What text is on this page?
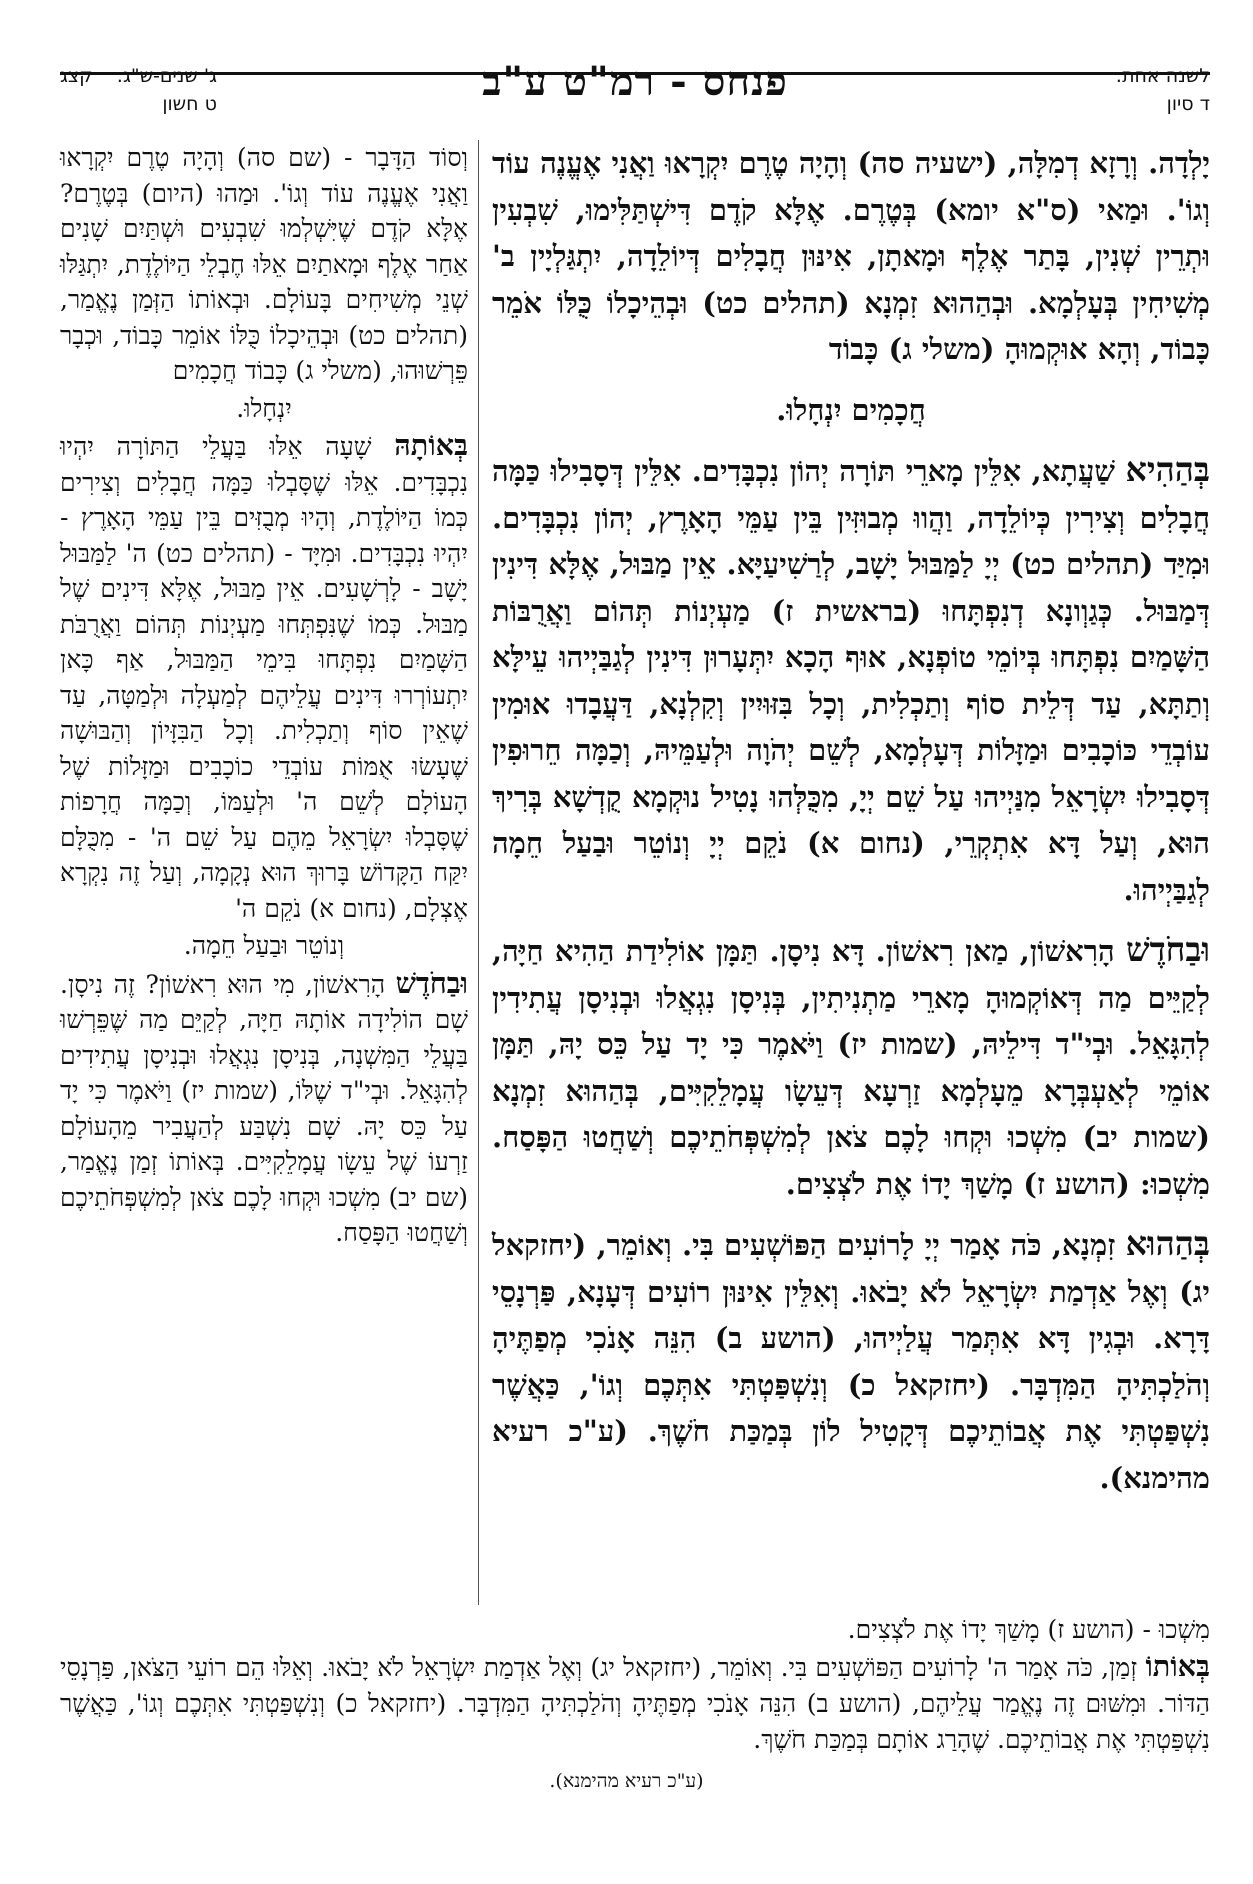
לשנה אחת:
ד סיון
פנחס - רמ"ט ע"ב
ג' שנים-ש"ג:
קצג
ט חשון

יָלְדָה. וְרָזָא דְמִלָּה, (ישעיה סה) וְהָיָה טֶרֶם יִקְרָאוּ וַאֲנִי אֶעֱנֶה עוֹד וְגוֹ'. וּמַאי (ס"א יומא) בְּטֶרֶם. אֶלָּא קֹדֶם דִּישְׁתַּלִּימוּ, שִׁבְעִין וּתְרֵין שְׁנִין, בָּתַר אֶלֶף וּמָאתָן, אִינּוּן חֲבָלִים דְּיוֹלֵדָה, יִתְגַּלְיָין ב' מְשִׁיחִין בְּעָלְמָא. וּבְהַהוּא זִמְנָא (תהלים כט) וּבְהֵיכָלוֹ כֻּלּוֹ אֹמֵר כָּבוֹד, וְהָא אוּקְמוּהָ (משלי ג) כָּבוֹד

חֲכָמִים יִנְחָלוּ.

בְּהַהִיא שַׁעֲתָא, אִלֵּין מָארֵי תּוֹרָה יְהוֹן נִכְבָּדִים. אִלֵּין דְּסָבִילוּ כַּמָּה חֲבָלִים וְצִירִין כְּיוֹלֵדָה, וַהֲווּ מְבוּזִּין בֵּין עַמֵּי הָאָרֶץ, יְהוֹן נִכְבָּדִים. וּמִיַּד (תהלים כט) יְיָ לַמַּבּוּל יָשָׁב, לְרַשִׁיעַיָּא. אֵין מַבּוּל, אֶלָּא דִּינִין דְּמַבּוּל. כְּגַוְונָא דְנִפְתָּחוּ (בראשית ז) מַעְיְנוֹת תְּהוֹם וַאֲרֻבּוֹת הַשָּׁמַיִם נִפְתָּחוּ בְּיוֹמֵי טוֹפְנָא, אוּף הָכָא יִתְּעָרוּן דִּינִין לְגַבַּיְיהוּ עֵילָּא וְתַתָּא, עַד דְּלֵית סוֹף וְתַכְלִית, וְכָל בִּזּוּיִין וְקִלְנָא, דַּעֲבָדוּ אוּמִין עוֹבְדֵי כּוֹכָבִים וּמַזָּלוֹת דְּעָלְמָא, לְשֵׁם יְהֹוָה וּלְעַמֵּיהּ, וְכַמָּה חֵרוּפִין דְּסָבִילוּ יִשְׂרָאֵל מִנַּיְיהוּ עַל שֵׁם יְיָ, מִכֻּלְּהוּ נָטִיל נוּקְמָא קֻדְשָׁא בְּרִיךְ הוּא, וְעַל דָּא אִתְקְרֵי, (נחום א) נֹקֵם יְיָ וְנוֹטֵר וּבַעַל חֵמָה לְגַבַּיְיהוּ.

וּבַחֹדֶשׁ הָרִאשׁוֹן, מַאן רִאשׁוֹן. דָּא נִיסָן. תַּמָּן אוֹלִידַת הַהִיא חַיָּה, לְקַיֵּים מַה דְּאוֹקְמוּהָ מָארֵי מַתְנִיתִין, בְּנִיסָן נִגְאֲלוּ וּבְנִיסָן עֲתִידִין לְהִגָּאֵל. וּבְי"ד דִּילֵיהּ, (שמות יז) וַיֹּאמֶר כִּי יָד עַל כֵּס יָהּ, תַּמָּן אוֹמֵי לְאַעְבְּרָא מֵעָלְמָא זַרְעָא דְּעֵשָׂו עֲמָלֵקִיִּים, בְּהַהוּא זִמְנָא (שמות יב) מִשְׁכוּ וּקְחוּ לָכֶם צֹאן לְמִשְׁפְּחֹתֵיכֶם וְשַׁחֲטוּ הַפָּסַח. מִשְׁכוּ: (הושע ז) מָשַׁךְ יָדוֹ אֶת לֹצְצִים.

בְּהַהוּא זִמְנָא, כֹּה אָמַר יְיָ לָרוֹעִים הַפּוֹשְׁעִים בִּי. וְאוֹמֵר, (יחזקאל יג) וְאֶל אַדְמַת יִשְׂרָאֵל לֹא יָבֹאוּ. וְאִלֵּין אִינּוּן רוֹעִים דְּעָנָא, פַּרְנָסֵי דָּרָא. וּבְגִין דָּא אִתְּמַר עֲלַיְיהוּ, (הושע ב) הִנֵּה אָנֹכִי מְפַתֶּיהָ וְהֹלַכְתִּיהָ הַמִּדְבָּר. (יחזקאל כ) וְנִשְׁפַּטְתִּי אִתְּכֶם וְגוֹ', כַּאֲשֶׁר נִשְׁפַּטְתִּי אֶת אֲבוֹתֵיכֶם דְּקָטִיל לוֹן בְּמַכַּת חֹשֶׁךְ. (ע"כ רעיא מהימנא).

וְסוֹד הַדָּבָר - (שם סה) וְהָיָה טֶרֶם יִקְרָאוּ וַאֲנִי אֶעֱנֶה עוֹד וְגוֹ'. וּמַהוּ (היום) בְּטֶרֶם? אֶלָּא קֹדֶם שֶׁיִּשְׁלְמוּ שִׁבְעִים וּשְׁתַּיִם שָׁנִים אַחַר אֶלֶף וּמָאתַיִם אֵלּוּ חֶבְלֵי הַיּוֹלֶדֶת, יִתְגַּלּוּ שְׁנֵי מְשִׁיחִים בָּעוֹלָם. וּבְאוֹתוֹ הַזְּמַן נֶאֱמַר, (תהלים כט) וּבְהֵיכָלוֹ כֻּלּוֹ אוֹמֵר כָּבוֹד, וּכְבָר פֵּרְשׁוּהוּ, (משלי ג) כָּבוֹד חֲכָמִים

יִנְחָלוּ.

בְּאוֹתָהּ שָׁעָה אֵלּוּ בַּעֲלֵי הַתּוֹרָה יִהְיוּ נִכְבָּדִים. אֵלּוּ שֶׁסָּבְלוּ כַּמָּה חֲבָלִים וְצִירִים כְּמוֹ הַיּוֹלֶדֶת, וְהָיוּ מְבֻזִּים בֵּין עַמֵּי הָאָרֶץ - יִהְיוּ נִכְבָּדִים. וּמִיָּד - (תהלים כט) ה' לַמַּבּוּל יָשָׁב - לָרְשָׁעִים. אֵין מַבּוּל, אֶלָּא דִּינִים שֶׁל מַבּוּל. כְּמוֹ שֶׁנִּפְתְּחוּ מַעְיְנוֹת תְּהוֹם וַאֲרֻבֹּת הַשָּׁמַיִם נִפְתָּחוּ בִּימֵי הַמַּבּוּל, אַף כָּאן יִתְעוֹרְרוּ דִּינִים עֲלֵיהֶם לְמַעְלָה וּלְמַטָּה, עַד שֶׁאֵין סוֹף וְתַכְלִית. וְכָל הַבִּזָּיוֹן וְהַבּוּשָׁה שֶׁעָשׂוּ אֻמּוֹת עוֹבְדֵי כוֹכָבִים וּמַזָּלוֹת שֶׁל הָעוֹלָם לְשֵׁם ה' וּלְעַמּוֹ, וְכַמָּה חֲרָפוֹת שֶׁסָּבְלוּ יִשְׂרָאֵל מֵהֶם עַל שֵׁם ה' - מִכֻּלָּם יִקַּח הַקָּדוֹשׁ בָּרוּךְ הוּא נְקָמָה, וְעַל זֶה נִקְרָא אֶצְלָם, (נחום א) נֹקֵם ה'

וְנוֹטֵר וּבַעַל חֵמָה.

וּבַחֹדֶשׁ הָרִאשׁוֹן, מִי הוּא רִאשׁוֹן? זֶה נִיסָן. שָׁם הוֹלִידָה אוֹתָהּ חַיָּה, לְקַיֵּם מַה שֶּׁפֵּרְשׁוּ בַּעֲלֵי הַמִּשְׁנָה, בְּנִיסָן נִגְאֲלוּ וּבְנִיסָן עֲתִידִים לְהִגָּאֵל. וּבְי"ד שֶׁלּוֹ, (שמות יז) וַיֹּאמֶר כִּי יָד עַל כֵּס יָהּ. שָׁם נִשְׁבַּע לְהַעֲבִיר מֵהָעוֹלָם זַרְעוֹ שֶׁל עֵשָׂו עֲמָלֵקִיִּים. בְּאוֹתוֹ זְמַן נֶאֱמַר, (שם יב) מִשְׁכוּ וּקְחוּ לָכֶם צֹאן לְמִשְׁפְּחֹתֵיכֶם וְשַׁחֲטוּ הַפָּסַח.

מִשְׁכוּ - (הושע ז) מָשַׁךְ יָדוֹ אֶת לֹצְצִים.

בְּאוֹתוֹ זְמַן, כֹּה אָמַר ה' לָרוֹעִים הַפּוֹשְׁעִים בִּי. וְאוֹמֵר, (יחזקאל יג) וְאֶל אַדְמַת יִשְׂרָאֵל לֹא יָבֹאוּ. וְאֵלּוּ הֵם רוֹעֵי הַצֹּאן, פַּרְנָסֵי הַדּוֹר. וּמִשּׁוּם זֶה נֶאֱמַר עֲלֵיהֶם, (הושע ב) הִנֵּה אָנֹכִי מְפַתֶּיהָ וְהֹלַכְתִּיהָ הַמִּדְבָּר. (יחזקאל כ) וְנִשְׁפַּטְתִּי אִתְּכֶם וְגוֹ', כַּאֲשֶׁר נִשְׁפַּטְתִּי אֶת אֲבוֹתֵיכֶם. שֶׁהָרַג אוֹתָם בְּמַכַּת חֹשֶׁךְ.

(ע"כ רעיא מהימנא).
